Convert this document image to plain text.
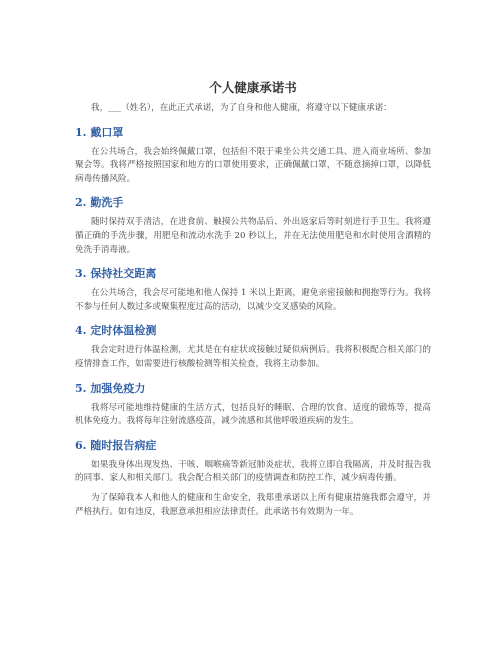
个人健康承诺书

我，___（姓名），在此正式承诺，为了自身和他人健康，将遵守以下健康承诺：

1. 戴口罩

在公共场合，我会始终佩戴口罩，包括但不限于乘坐公共交通工具、进入商业场所、参加聚会等。我将严格按照国家和地方的口罩使用要求，正确佩戴口罩，不随意摘掉口罩，以降低病毒传播风险。

2. 勤洗手

随时保持双手清洁，在进食前、触摸公共物品后、外出返家后等时刻进行手卫生。我将遵循正确的手洗步骤，用肥皂和流动水洗手 20 秒以上，并在无法使用肥皂和水时使用含酒精的免洗手消毒液。

3. 保持社交距离

在公共场合，我会尽可能地和他人保持 1 米以上距离，避免亲密接触和拥抱等行为。我将不参与任何人数过多或聚集程度过高的活动，以减少交叉感染的风险。

4. 定时体温检测

我会定时进行体温检测，尤其是在有症状或接触过疑似病例后。我将积极配合相关部门的疫情排查工作，如需要进行核酸检测等相关检查，我将主动参加。

5. 加强免疫力

我将尽可能地维持健康的生活方式，包括良好的睡眠、合理的饮食、适度的锻炼等，提高机体免疫力。我将每年注射流感疫苗，减少流感和其他呼吸道疾病的发生。

6. 随时报告病症

如果我身体出现发热、干咳、咽喉痛等新冠肺炎症状，我将立即自我隔离，并及时报告我的同事、家人和相关部门。我会配合相关部门的疫情调查和防控工作，减少病毒传播。

为了保障我本人和他人的健康和生命安全，我郑重承诺以上所有健康措施我都会遵守，并严格执行。如有违反，我愿意承担相应法律责任。此承诺书有效期为一年。
